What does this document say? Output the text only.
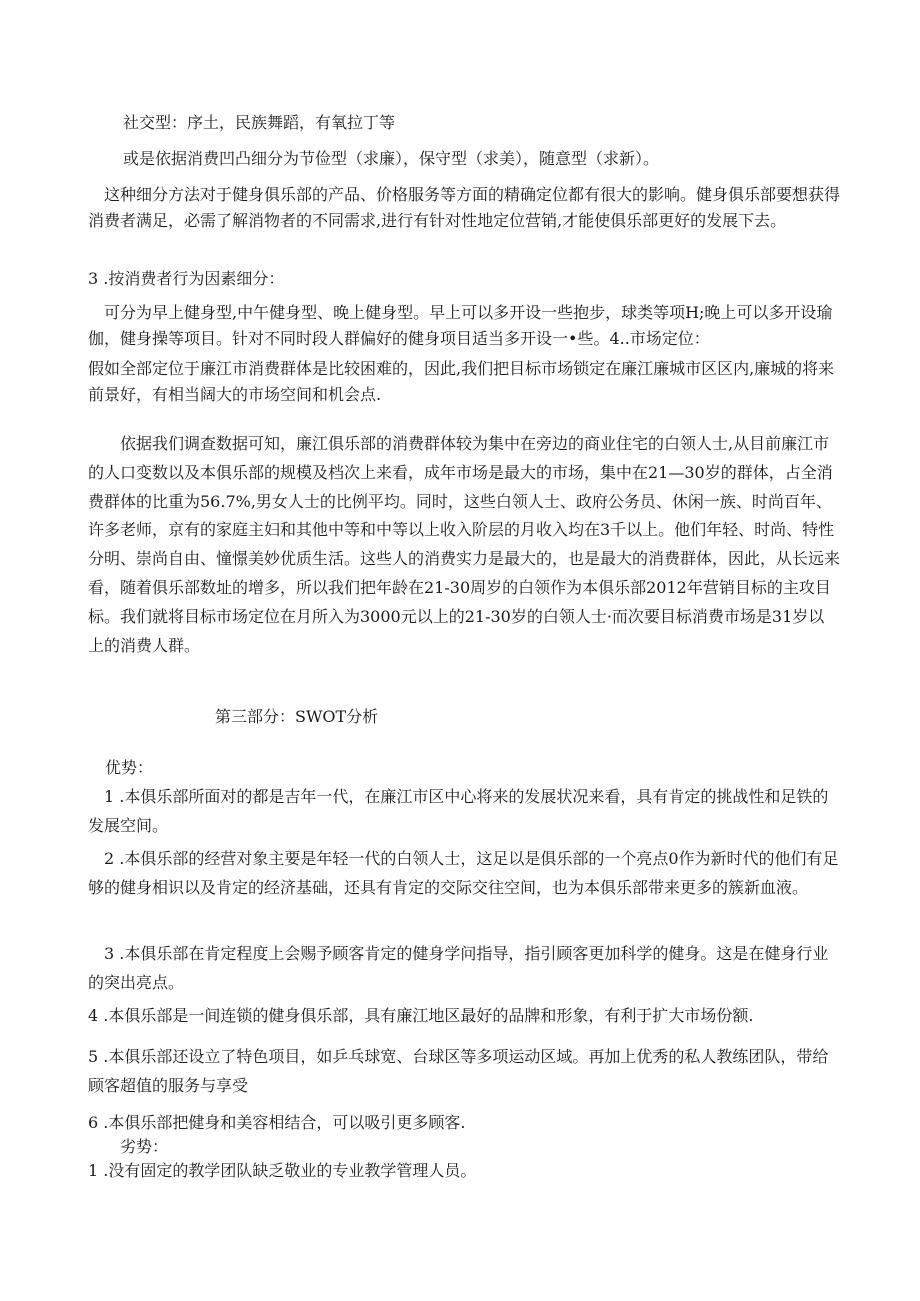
社交型：序土，民族舞蹈，有氧拉丁等

或是依据消费凹凸细分为节俭型（求廉），保守型（求美），随意型（求新）。

这种细分方法对于健身俱乐部的产品、价格服务等方面的精确定位都有很大的影响。健身俱乐部要想获得消费者满足，必需了解消物者的不同需求,进行有针对性地定位营销,才能使俱乐部更好的发展下去。

3 .按消费者行为因素细分：

可分为早上健身型,中午健身型、晚上健身型。早上可以多开设一些抱步，球类等项H;晚上可以多开设瑜伽，健身操等项目。针对不同时段人群偏好的健身项目适当多开设一•些。4..市场定位：

假如全部定位于廉江市消费群体是比较困难的，因此,我们把目标市场锁定在廉江廉城市区区内,廉城的将来前景好，有相当阔大的市场空间和机会点.

依据我们调查数据可知，廉江俱乐部的消费群体较为集中在旁边的商业住宅的白领人士,从目前廉江市的人口变数以及本俱乐部的规模及档次上来看，成年市场是最大的市场，集中在21—30岁的群体，占全消费群体的比重为56.7%,男女人士的比例平均。同时，这些白领人士、政府公务员、休闲一族、时尚百年、许多老师，京有的家庭主妇和其他中等和中等以上收入阶层的月收入均在3千以上。他们年轻、时尚、特性分明、崇尚自由、憧憬美妙优质生活。这些人的消费实力是最大的，也是最大的消费群体，因此，从长远来看，随着俱乐部数址的增多，所以我们把年龄在21-30周岁的白领作为本俱乐部2012年营销目标的主攻目标。我们就将目标市场定位在月所入为3000元以上的21-30岁的白领人士·而次要目标消费市场是31岁以上的消费人群。

第三部分：SWOT分析

优势：

1 .本俱乐部所面对的都是吉年一代，在廉江市区中心将来的发展状况来看，具有肯定的挑战性和足铁的发展空间。

2 .本俱乐部的经营对象主要是年轻一代的白领人士，这足以是俱乐部的一个亮点0作为新时代的他们有足够的健身相识以及肯定的经济基础，还具有肯定的交际交往空间，也为本俱乐部带来更多的簇新血液。

3 .本俱乐部在肯定程度上会赐予顾客肯定的健身学问指导，指引顾客更加科学的健身。这是在健身行业的突出亮点。

4 .本俱乐部是一间连锁的健身俱乐部，具有廉江地区最好的品牌和形象，有利于扩大市场份额.

5 .本俱乐部还设立了特色项目，如乒乓球宽、台球区等多项运动区域。再加上优秀的私人教练团队，带给顾客超值的服务与享受

6 .本俱乐部把健身和美容相结合，可以吸引更多顾客.

劣势：

1 .没有固定的教学团队缺乏敬业的专业教学管理人员。
